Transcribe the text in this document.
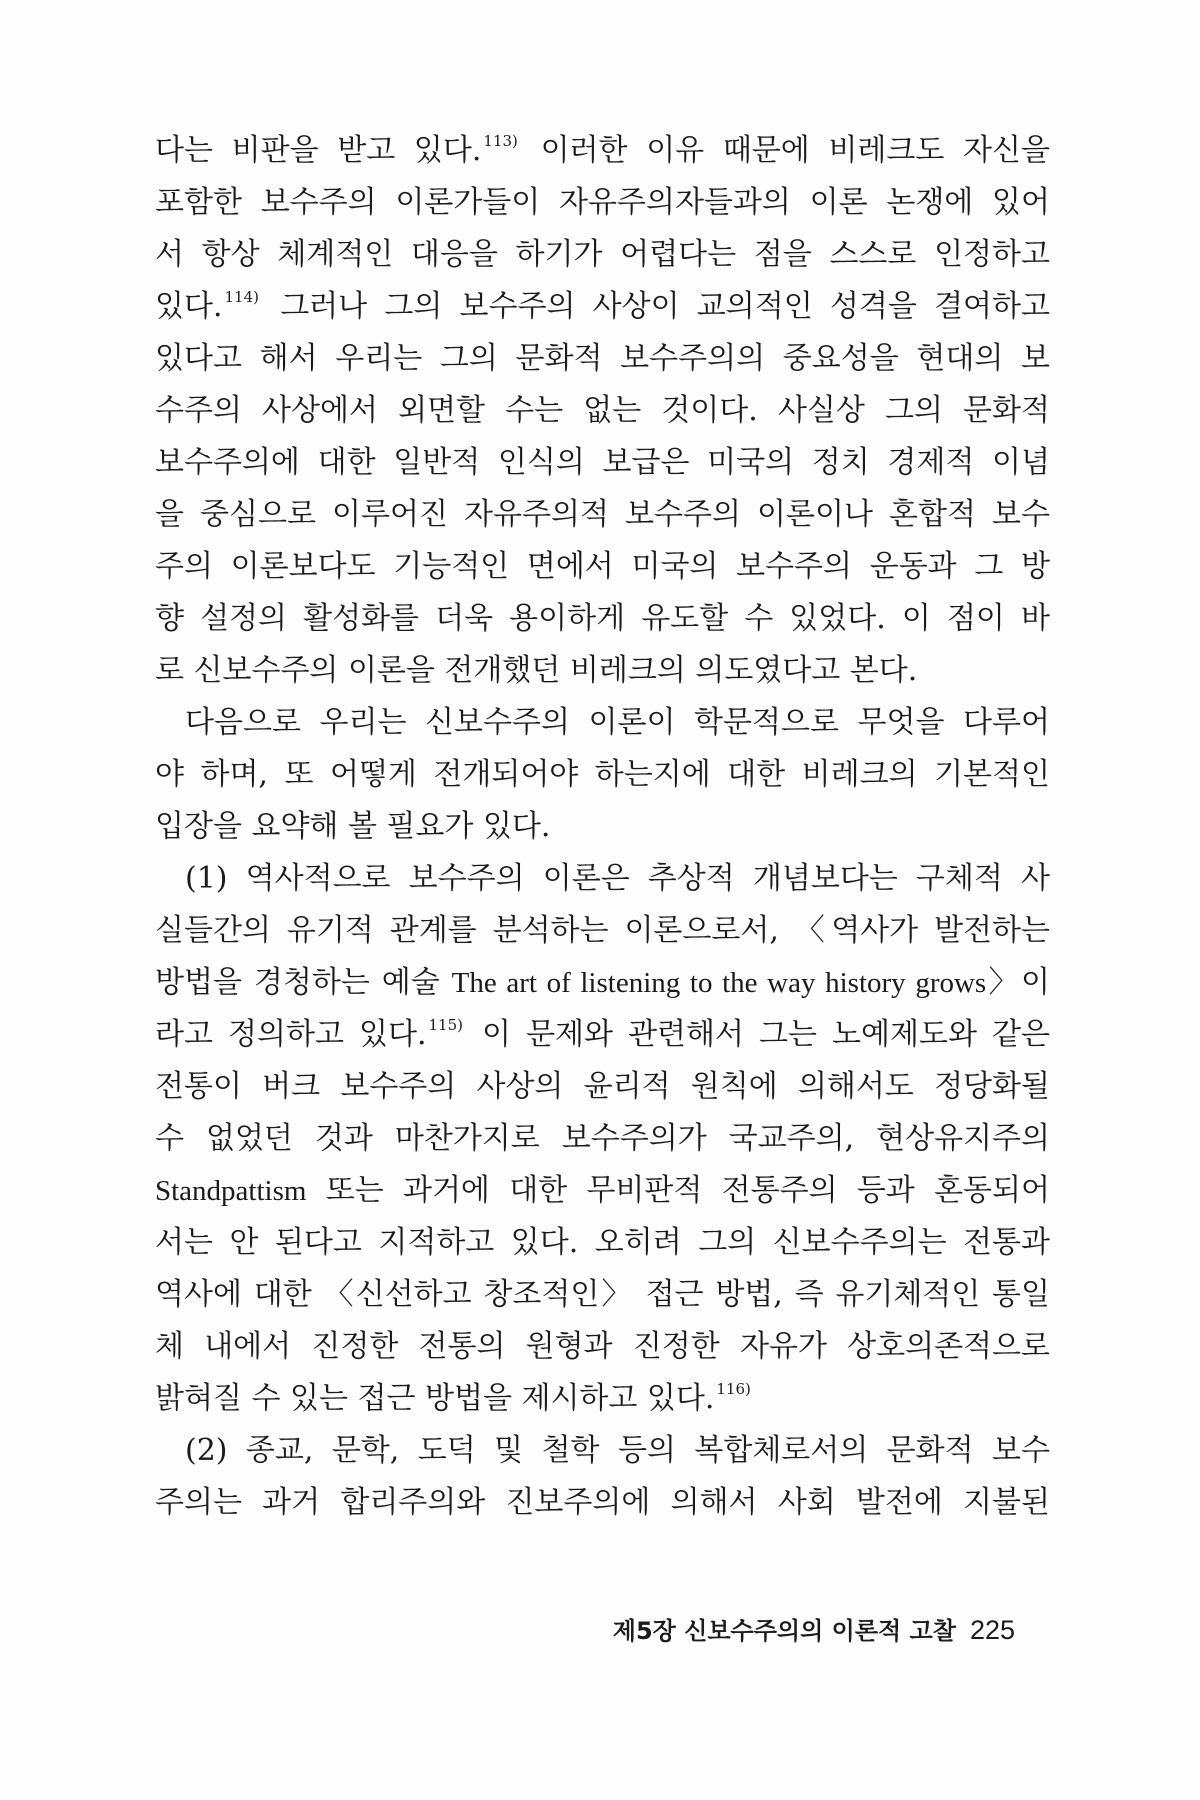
다는 비판을 받고 있다. $^{113)}$ 이러한 이유 때문에 비레크도 자신을
포함한 보수주의 이론가들이 자유주의자들과의 이론 논쟁에 있어
서 항상 체계적인 대응을 하기가 어렵다는 점을 스스로 인정하고
있다. $^{114)}$ 그러나 그의 보수주의 사상이 교의적인 성격을 결여하고
있다고 해서 우리는 그의 문화적 보수주의의 중요성을 현대의 보
수주의 사상에서 외면할 수는 없는 것이다. 사실상 그의 문화적
보수주의에 대한 일반적 인식의 보급은 미국의 정치 경제적 이념
을 중심으로 이루어진 자유주의적 보수주의 이론이나 혼합적 보수
주의 이론보다도 기능적인 면에서 미국의 보수주의 운동과 그 방
향 설정의 활성화를 더욱 용이하게 유도할 수 있었다. 이 점이 바
로 신보수주의 이론을 전개했던 비레크의 의도였다고 본다.
다음으로 우리는 신보수주의 이론이 학문적으로 무엇을 다루어
야 하며, 또 어떻게 전개되어야 하는지에 대한 비레크의 기본적인
입장을 요약해 볼 필요가 있다.
(1) 역사적으로 보수주의 이론은 추상적 개념보다는 구체적 사
실들간의 유기적 관계를 분석하는 이론으로서, 〈역사가 발전하는
방법을 경청하는 예술 The art of listening to the way history grows〉이
라고 정의하고 있다. $^{115)}$ 이 문제와 관련해서 그는 노예제도와 같은
전통이 버크 보수주의 사상의 윤리적 원칙에 의해서도 정당화될
수 없었던 것과 마찬가지로 보수주의가 국교주의, 현상유지주의
Standpattism 또는 과거에 대한 무비판적 전통주의 등과 혼동되어
서는 안 된다고 지적하고 있다. 오히려 그의 신보수주의는 전통과
역사에 대한 〈신선하고 창조적인〉 접근 방법, 즉 유기체적인 통일
체 내에서 진정한 전통의 원형과 진정한 자유가 상호의존적으로
밝혀질 수 있는 접근 방법을 제시하고 있다. $^{116)}$
(2) 종교, 문학, 도덕 및 철학 등의 복합체로서의 문화적 보수
주의는 과거 합리주의와 진보주의에 의해서 사회 발전에 지불된
제5장 신보수주의의 이론적 고찰 225
